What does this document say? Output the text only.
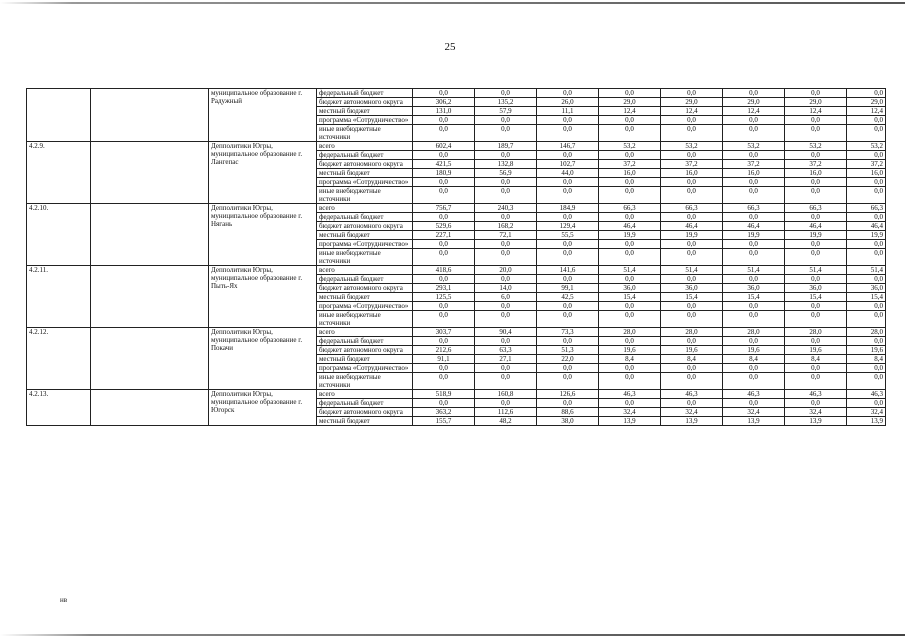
25
		муниципальное образование г. Радужный	федеральный бюджет	0,0	0,0	0,0	0,0	0,0	0,0	0,0	0,0
			бюджет автономного округа	306,2	135,2	26,0	29,0	29,0	29,0	29,0	29,0
			местный бюджет	131,0	57,9	11,1	12,4	12,4	12,4	12,4	12,4
			программа «Сотрудничество»	0,0	0,0	0,0	0,0	0,0	0,0	0,0	0,0
			иные внебюджетные источники	0,0	0,0	0,0	0,0	0,0	0,0	0,0	0,0
4.2.9.		Депполитики Югры, муниципальное образование г. Лангепас	всего	602,4	189,7	146,7	53,2	53,2	53,2	53,2	53,2
			федеральный бюджет	0,0	0,0	0,0	0,0	0,0	0,0	0,0	0,0
			бюджет автономного округа	421,5	132,8	102,7	37,2	37,2	37,2	37,2	37,2
			местный бюджет	180,9	56,9	44,0	16,0	16,0	16,0	16,0	16,0
			программа «Сотрудничество»	0,0	0,0	0,0	0,0	0,0	0,0	0,0	0,0
			иные внебюджетные источники	0,0	0,0	0,0	0,0	0,0	0,0	0,0	0,0
4.2.10.		Депполитики Югры, муниципальное образование г. Нягань	всего	756,7	240,3	184,9	66,3	66,3	66,3	66,3	66,3
			федеральный бюджет	0,0	0,0	0,0	0,0	0,0	0,0	0,0	0,0
			бюджет автономного округа	529,6	168,2	129,4	46,4	46,4	46,4	46,4	46,4
			местный бюджет	227,1	72,1	55,5	19,9	19,9	19,9	19,9	19,9
			программа «Сотрудничество»	0,0	0,0	0,0	0,0	0,0	0,0	0,0	0,0
			иные внебюджетные источники	0,0	0,0	0,0	0,0	0,0	0,0	0,0	0,0
4.2.11.		Депполитики Югры, муниципальное образование г. Пыть-Ях	всего	418,6	20,0	141,6	51,4	51,4	51,4	51,4	51,4
			федеральный бюджет	0,0	0,0	0,0	0,0	0,0	0,0	0,0	0,0
			бюджет автономного округа	293,1	14,0	99,1	36,0	36,0	36,0	36,0	36,0
			местный бюджет	125,5	6,0	42,5	15,4	15,4	15,4	15,4	15,4
			программа «Сотрудничество»	0,0	0,0	0,0	0,0	0,0	0,0	0,0	0,0
			иные внебюджетные источники	0,0	0,0	0,0	0,0	0,0	0,0	0,0	0,0
4.2.12.		Депполитики Югры, муниципальное образование г. Покачи	всего	303,7	90,4	73,3	28,0	28,0	28,0	28,0	28,0
			федеральный бюджет	0,0	0,0	0,0	0,0	0,0	0,0	0,0	0,0
			бюджет автономного округа	212,6	63,3	51,3	19,6	19,6	19,6	19,6	19,6
			местный бюджет	91,1	27,1	22,0	8,4	8,4	8,4	8,4	8,4
			программа «Сотрудничество»	0,0	0,0	0,0	0,0	0,0	0,0	0,0	0,0
			иные внебюджетные источники	0,0	0,0	0,0	0,0	0,0	0,0	0,0	0,0
4.2.13.		Депполитики Югры, муниципальное образование г. Югорск	всего	518,9	160,8	126,6	46,3	46,3	46,3	46,3	46,3
			федеральный бюджет	0,0	0,0	0,0	0,0	0,0	0,0	0,0	0,0
			бюджет автономного округа	363,2	112,6	88,6	32,4	32,4	32,4	32,4	32,4
			местный бюджет	155,7	48,2	38,0	13,9	13,9	13,9	13,9	13,9
нв
